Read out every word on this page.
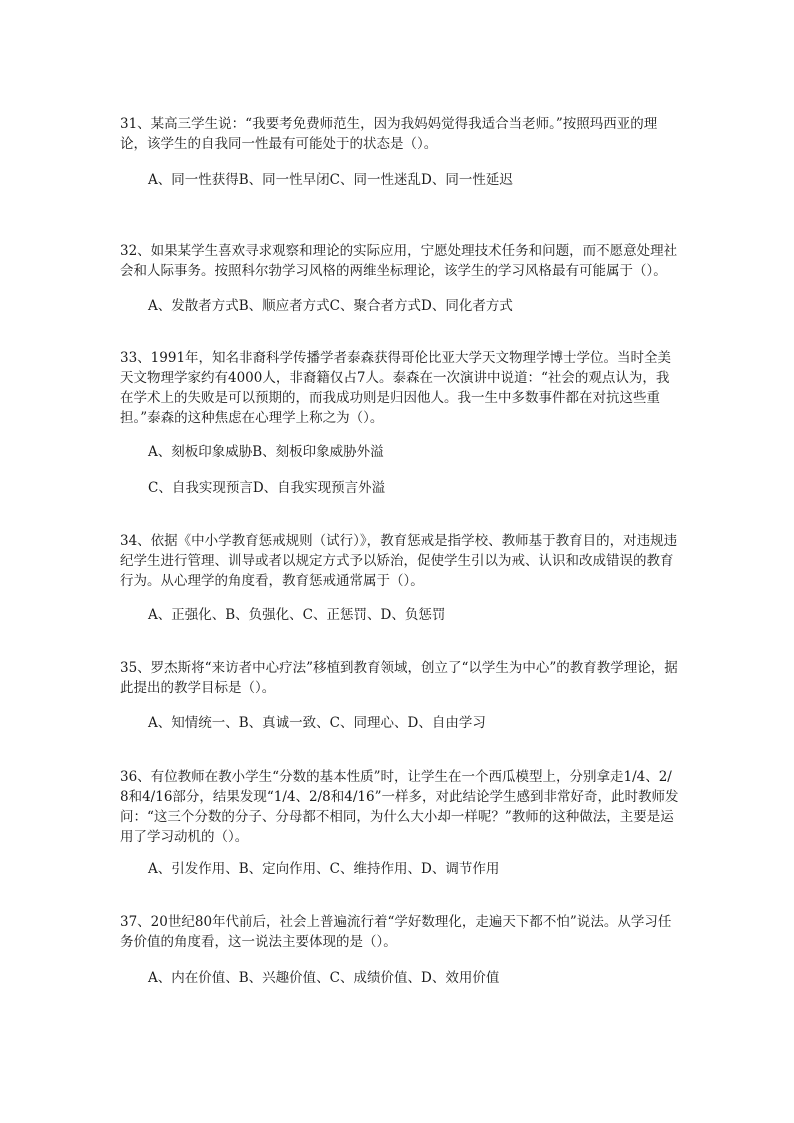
31、某高三学生说：“我要考免费师范生，因为我妈妈觉得我适合当老师。”按照玛西亚的理论，该学生的自我同一性最有可能处于的状态是（）。

A、同一性获得B、同一性早闭C、同一性迷乱D、同一性延迟

32、如果某学生喜欢寻求观察和理论的实际应用，宁愿处理技术任务和问题，而不愿意处理社会和人际事务。按照科尔勃学习风格的两维坐标理论，该学生的学习风格最有可能属于（）。

A、发散者方式B、顺应者方式C、聚合者方式D、同化者方式

33、1991年，知名非裔科学传播学者泰森获得哥伦比亚大学天文物理学博士学位。当时全美天文物理学家约有4000人，非裔籍仅占7人。泰森在一次演讲中说道：“社会的观点认为，我在学术上的失败是可以预期的，而我成功则是归因他人。我一生中多数事件都在对抗这些重担。”泰森的这种焦虑在心理学上称之为（）。

A、刻板印象威胁B、刻板印象威胁外溢

C、自我实现预言D、自我实现预言外溢

34、依据《中小学教育惩戒规则（试行）》，教育惩戒是指学校、教师基于教育目的，对违规违纪学生进行管理、训导或者以规定方式予以矫治，促使学生引以为戒、认识和改成错误的教育行为。从心理学的角度看，教育惩戒通常属于（）。

A、正强化、B、负强化、C、正惩罚、D、负惩罚

35、罗杰斯将“来访者中心疗法”移植到教育领域，创立了“以学生为中心”的教育教学理论，据此提出的教学目标是（）。

A、知情统一、B、真诚一致、C、同理心、D、自由学习

36、有位教师在教小学生“分数的基本性质”时，让学生在一个西瓜模型上，分别拿走1/4、2/8和4/16部分，结果发现“1/4、2/8和4/16”一样多，对此结论学生感到非常好奇，此时教师发问：“这三个分数的分子、分母都不相同，为什么大小却一样呢？”教师的这种做法，主要是运用了学习动机的（）。

A、引发作用、B、定向作用、C、维持作用、D、调节作用

37、20世纪80年代前后，社会上普遍流行着“学好数理化，走遍天下都不怕”说法。从学习任务价值的角度看，这一说法主要体现的是（）。

A、内在价值、B、兴趣价值、C、成绩价值、D、效用价值
